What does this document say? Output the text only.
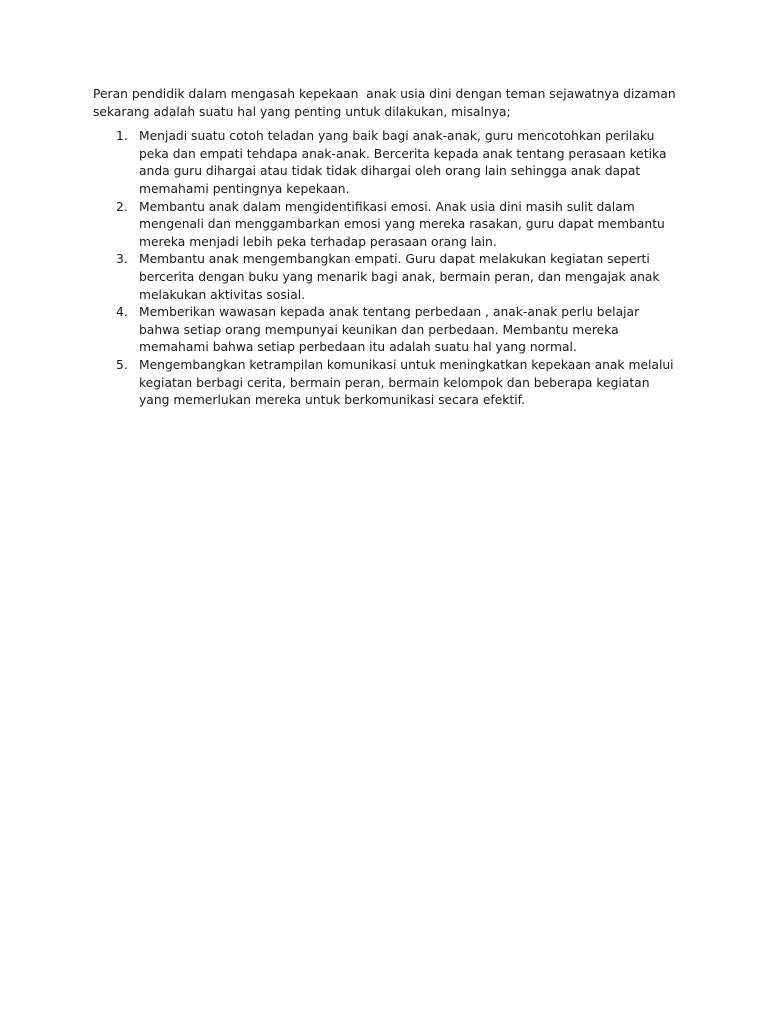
Peran pendidik dalam mengasah kepekaan  anak usia dini dengan teman sejawatnya dizaman sekarang adalah suatu hal yang penting untuk dilakukan, misalnya;

1. Menjadi suatu cotoh teladan yang baik bagi anak-anak, guru mencotohkan perilaku peka dan empati tehdapa anak-anak. Bercerita kepada anak tentang perasaan ketika anda guru dihargai atau tidak tidak dihargai oleh orang lain sehingga anak dapat memahami pentingnya kepekaan.
2. Membantu anak dalam mengidentifikasi emosi. Anak usia dini masih sulit dalam mengenali dan menggambarkan emosi yang mereka rasakan, guru dapat membantu mereka menjadi lebih peka terhadap perasaan orang lain.
3. Membantu anak mengembangkan empati. Guru dapat melakukan kegiatan seperti bercerita dengan buku yang menarik bagi anak, bermain peran, dan mengajak anak melakukan aktivitas sosial.
4. Memberikan wawasan kepada anak tentang perbedaan , anak-anak perlu belajar bahwa setiap orang mempunyai keunikan dan perbedaan. Membantu mereka memahami bahwa setiap perbedaan itu adalah suatu hal yang normal.
5. Mengembangkan ketrampilan komunikasi untuk meningkatkan kepekaan anak melalui kegiatan berbagi cerita, bermain peran, bermain kelompok dan beberapa kegiatan yang memerlukan mereka untuk berkomunikasi secara efektif.
